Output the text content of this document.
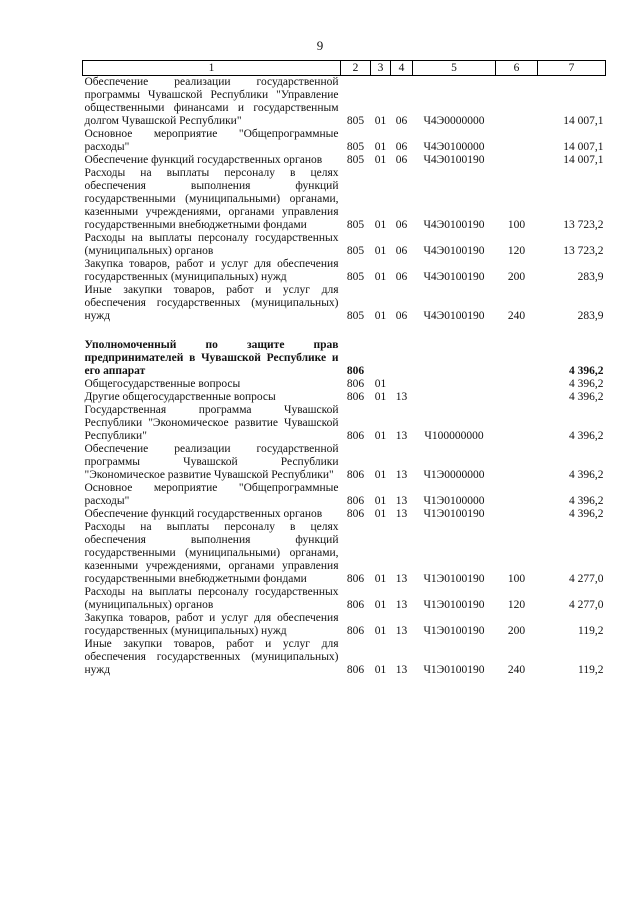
9
1	2	3	4	5	6	7
Обеспечение реализации государственной программы Чувашской Республики "Управление общественными финансами и государственным долгом Чувашской Республики"	805	01	06	Ч4Э0000000		14 007,1
Основное мероприятие "Общепрограммные расходы"	805	01	06	Ч4Э0100000		14 007,1
Обеспечение функций государственных органов	805	01	06	Ч4Э0100190		14 007,1
Расходы на выплаты персоналу в целях обеспечения выполнения функций государственными (муниципальными) органами, казенными учреждениями, органами управления государственными внебюджетными фондами	805	01	06	Ч4Э0100190	100	13 723,2
Расходы на выплаты персоналу государственных (муниципальных) органов	805	01	06	Ч4Э0100190	120	13 723,2
Закупка товаров, работ и услуг для обеспечения государственных (муниципальных) нужд	805	01	06	Ч4Э0100190	200	283,9
Иные закупки товаров, работ и услуг для обеспечения государственных (муниципальных) нужд	805	01	06	Ч4Э0100190	240	283,9

Уполномоченный по защите прав предпринимателей в Чувашской Республике и его аппарат	806					4 396,2
Общегосударственные вопросы	806	01				4 396,2
Другие общегосударственные вопросы	806	01	13			4 396,2
Государственная программа Чувашской Республики "Экономическое развитие Чувашской Республики"	806	01	13	Ч100000000		4 396,2
Обеспечение реализации государственной программы Чувашской Республики "Экономическое развитие Чувашской Республики"	806	01	13	Ч1Э0000000		4 396,2
Основное мероприятие "Общепрограммные расходы"	806	01	13	Ч1Э0100000		4 396,2
Обеспечение функций государственных органов	806	01	13	Ч1Э0100190		4 396,2
Расходы на выплаты персоналу в целях обеспечения выполнения функций государственными (муниципальными) органами, казенными учреждениями, органами управления государственными внебюджетными фондами	806	01	13	Ч1Э0100190	100	4 277,0
Расходы на выплаты персоналу государственных (муниципальных) органов	806	01	13	Ч1Э0100190	120	4 277,0
Закупка товаров, работ и услуг для обеспечения государственных (муниципальных) нужд	806	01	13	Ч1Э0100190	200	119,2
Иные закупки товаров, работ и услуг для обеспечения государственных (муниципальных) нужд	806	01	13	Ч1Э0100190	240	119,2
